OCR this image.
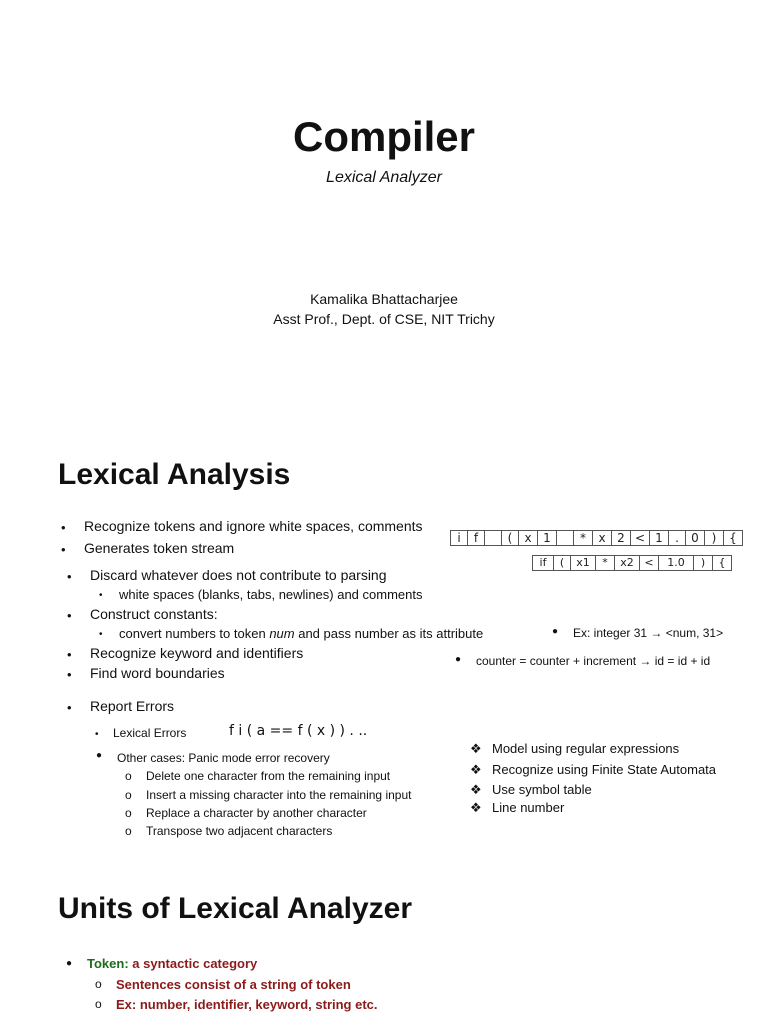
Compiler
Lexical Analyzer
Kamalika Bhattacharjee
Asst Prof., Dept. of CSE, NIT Trichy
Lexical Analysis
• Recognize tokens and ignore white spaces, comments
• Generates token stream
• Discard whatever does not contribute to parsing
• white spaces (blanks, tabs, newlines) and comments
• Construct constants:
• convert numbers to token num and pass number as its attribute
• Recognize keyword and identifiers
• Find word boundaries
• Report Errors
• Lexical Errors	f i ( a == f ( x ) ) . ..
● Other cases: Panic mode error recovery
o Delete one character from the remaining input
o Insert a missing character into the remaining input
o Replace a character by another character
o Transpose two adjacent characters
i	f	(	x 1	*	x 2 < 1	.	0	)	{
if	(	x1	*	x2 <	1.0	)	{
● Ex: integer 31 → <num, 31>
● counter = counter + increment → id = id + id
❖ Model using regular expressions
❖ Recognize using Finite State Automata
❖ Use symbol table
❖ Line number
Units of Lexical Analyzer
● Token: a syntactic category
o Sentences consist of a string of token
o Ex: number, identifier, keyword, string etc.
